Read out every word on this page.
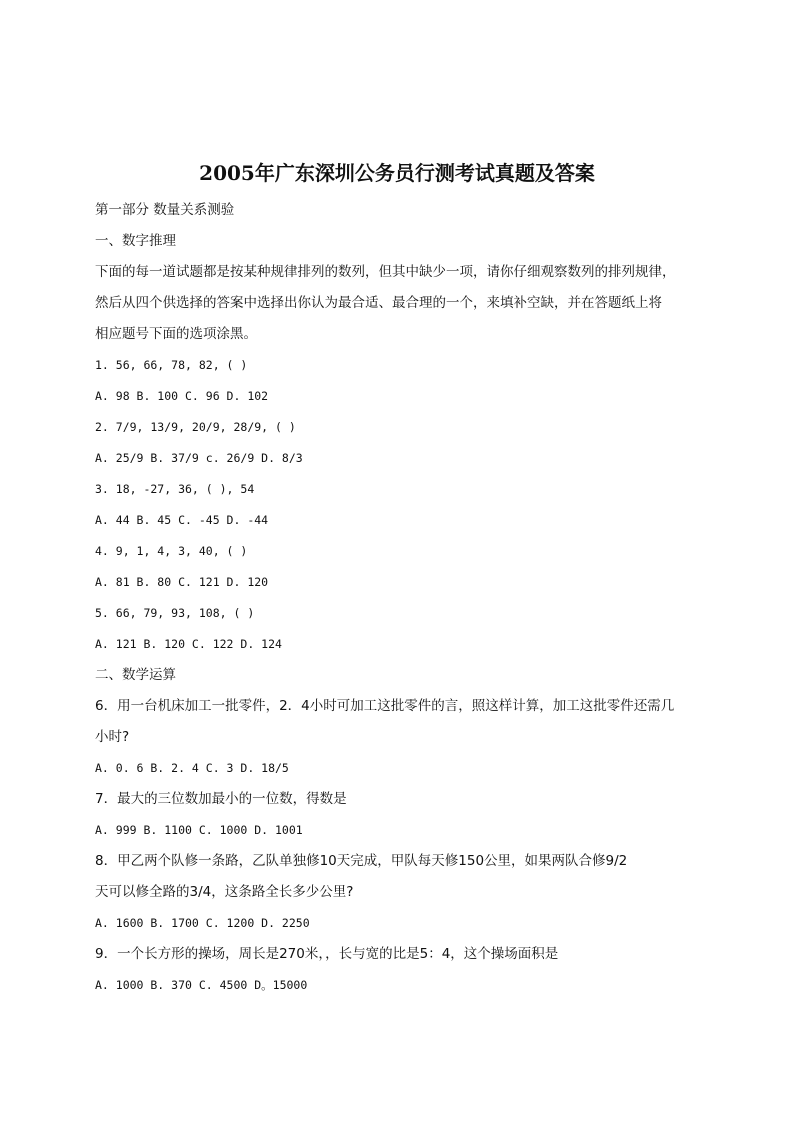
2005年广东深圳公务员行测考试真题及答案
第一部分 数量关系测验
一、数字推理
下面的每一道试题都是按某种规律排列的数列，但其中缺少一项，请你仔细观察数列的排列规律，
然后从四个供选择的答案中选择出你认为最合适、最合理的一个，来填补空缺，并在答题纸上将
相应题号下面的选项涂黑。
1. 56, 66, 78, 82, ( )
A. 98 B. 100 C. 96 D. 102
2. 7/9, 13/9, 20/9, 28/9, ( )
A. 25/9 B. 37/9 c. 26/9 D. 8/3
3. 18, -27, 36, ( ), 54
A. 44 B. 45 C. -45 D. -44
4. 9, 1, 4, 3, 40, ( )
A. 81 B. 80 C. 121 D. 120
5. 66, 79, 93, 108, ( )
A. 121 B. 120 C. 122 D. 124
二、数学运算
6．用一台机床加工一批零件，2．4小时可加工这批零件的言，照这样计算，加工这批零件还需几
小时?
A. 0. 6 B. 2. 4 C. 3 D. 18/5
7．最大的三位数加最小的一位数，得数是
A. 999 B. 1100 C. 1000 D. 1001
8．甲乙两个队修一条路，乙队单独修10天完成，甲队每天修150公里，如果两队合修9/2
天可以修全路的3/4，这条路全长多少公里?
A. 1600 B. 1700 C. 1200 D. 2250
9．一个长方形的操场，周长是270米，，长与宽的比是5：4，这个操场面积是
A. 1000 B. 370 C. 4500 D。15000
